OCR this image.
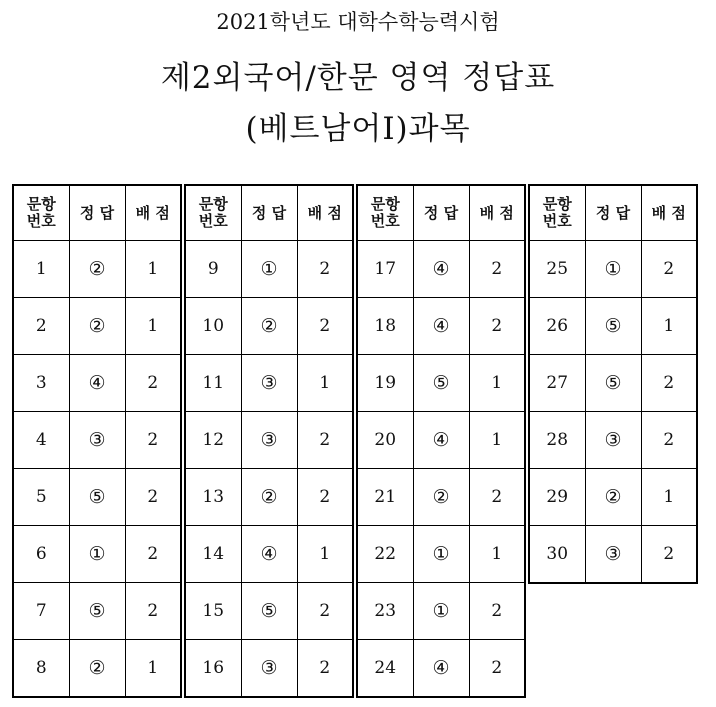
2021학년도 대학수학능력시험
제2외국어/한문 영역 정답표
(베트남어Ⅰ)과목
문항
번호	정 답	배 점
1	②	1
2	②	1
3	④	2
4	③	2
5	⑤	2
6	①	2
7	⑤	2
8	②	1
문항
번호	정 답	배 점
9	①	2
10	②	2
11	③	1
12	③	2
13	②	2
14	④	1
15	⑤	2
16	③	2
문항
번호	정 답	배 점
17	④	2
18	④	2
19	⑤	1
20	④	1
21	②	2
22	①	1
23	①	2
24	④	2
문항
번호	정 답	배 점
25	①	2
26	⑤	1
27	⑤	2
28	③	2
29	②	1
30	③	2
